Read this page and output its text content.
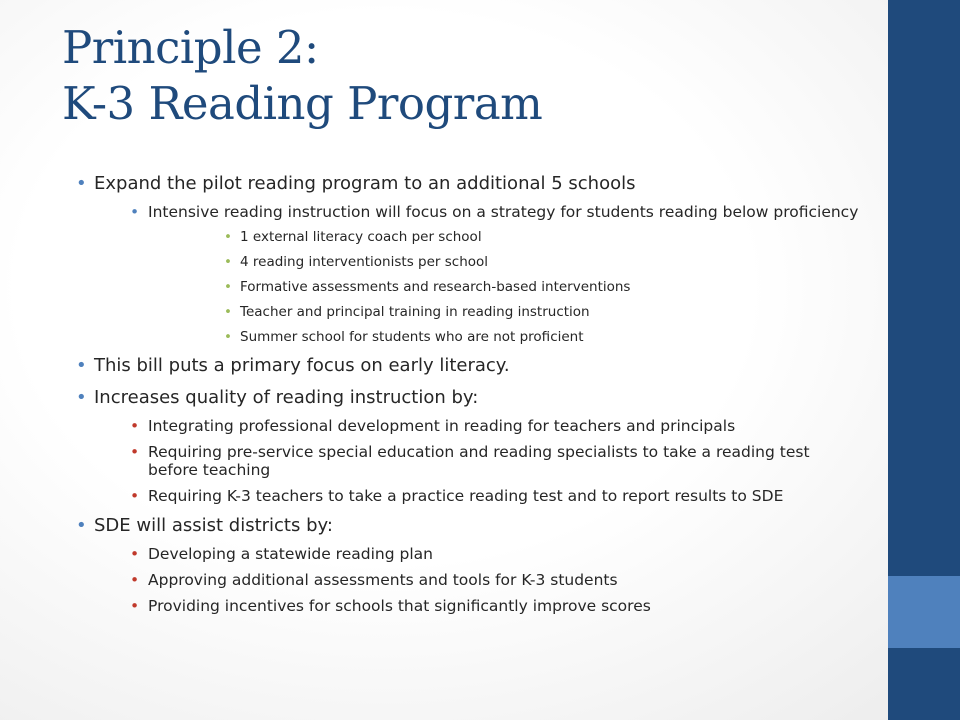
Principle 2:
K-3 Reading Program
• Expand the pilot reading program to an additional 5 schools
• Intensive reading instruction will focus on a strategy for students reading below proficiency
• 1 external literacy coach per school
• 4 reading interventionists per school
• Formative assessments and research-based interventions
• Teacher and principal training in reading instruction
• Summer school for students who are not proficient
• This bill puts a primary focus on early literacy.
• Increases quality of reading instruction by:
• Integrating professional development in reading for teachers and principals
• Requiring pre-service special education and reading specialists to take a reading test before teaching
• Requiring K-3 teachers to take a practice reading test and to report results to SDE
• SDE will assist districts by:
• Developing a statewide reading plan
• Approving additional assessments and tools for K-3 students
• Providing incentives for schools that significantly improve scores
